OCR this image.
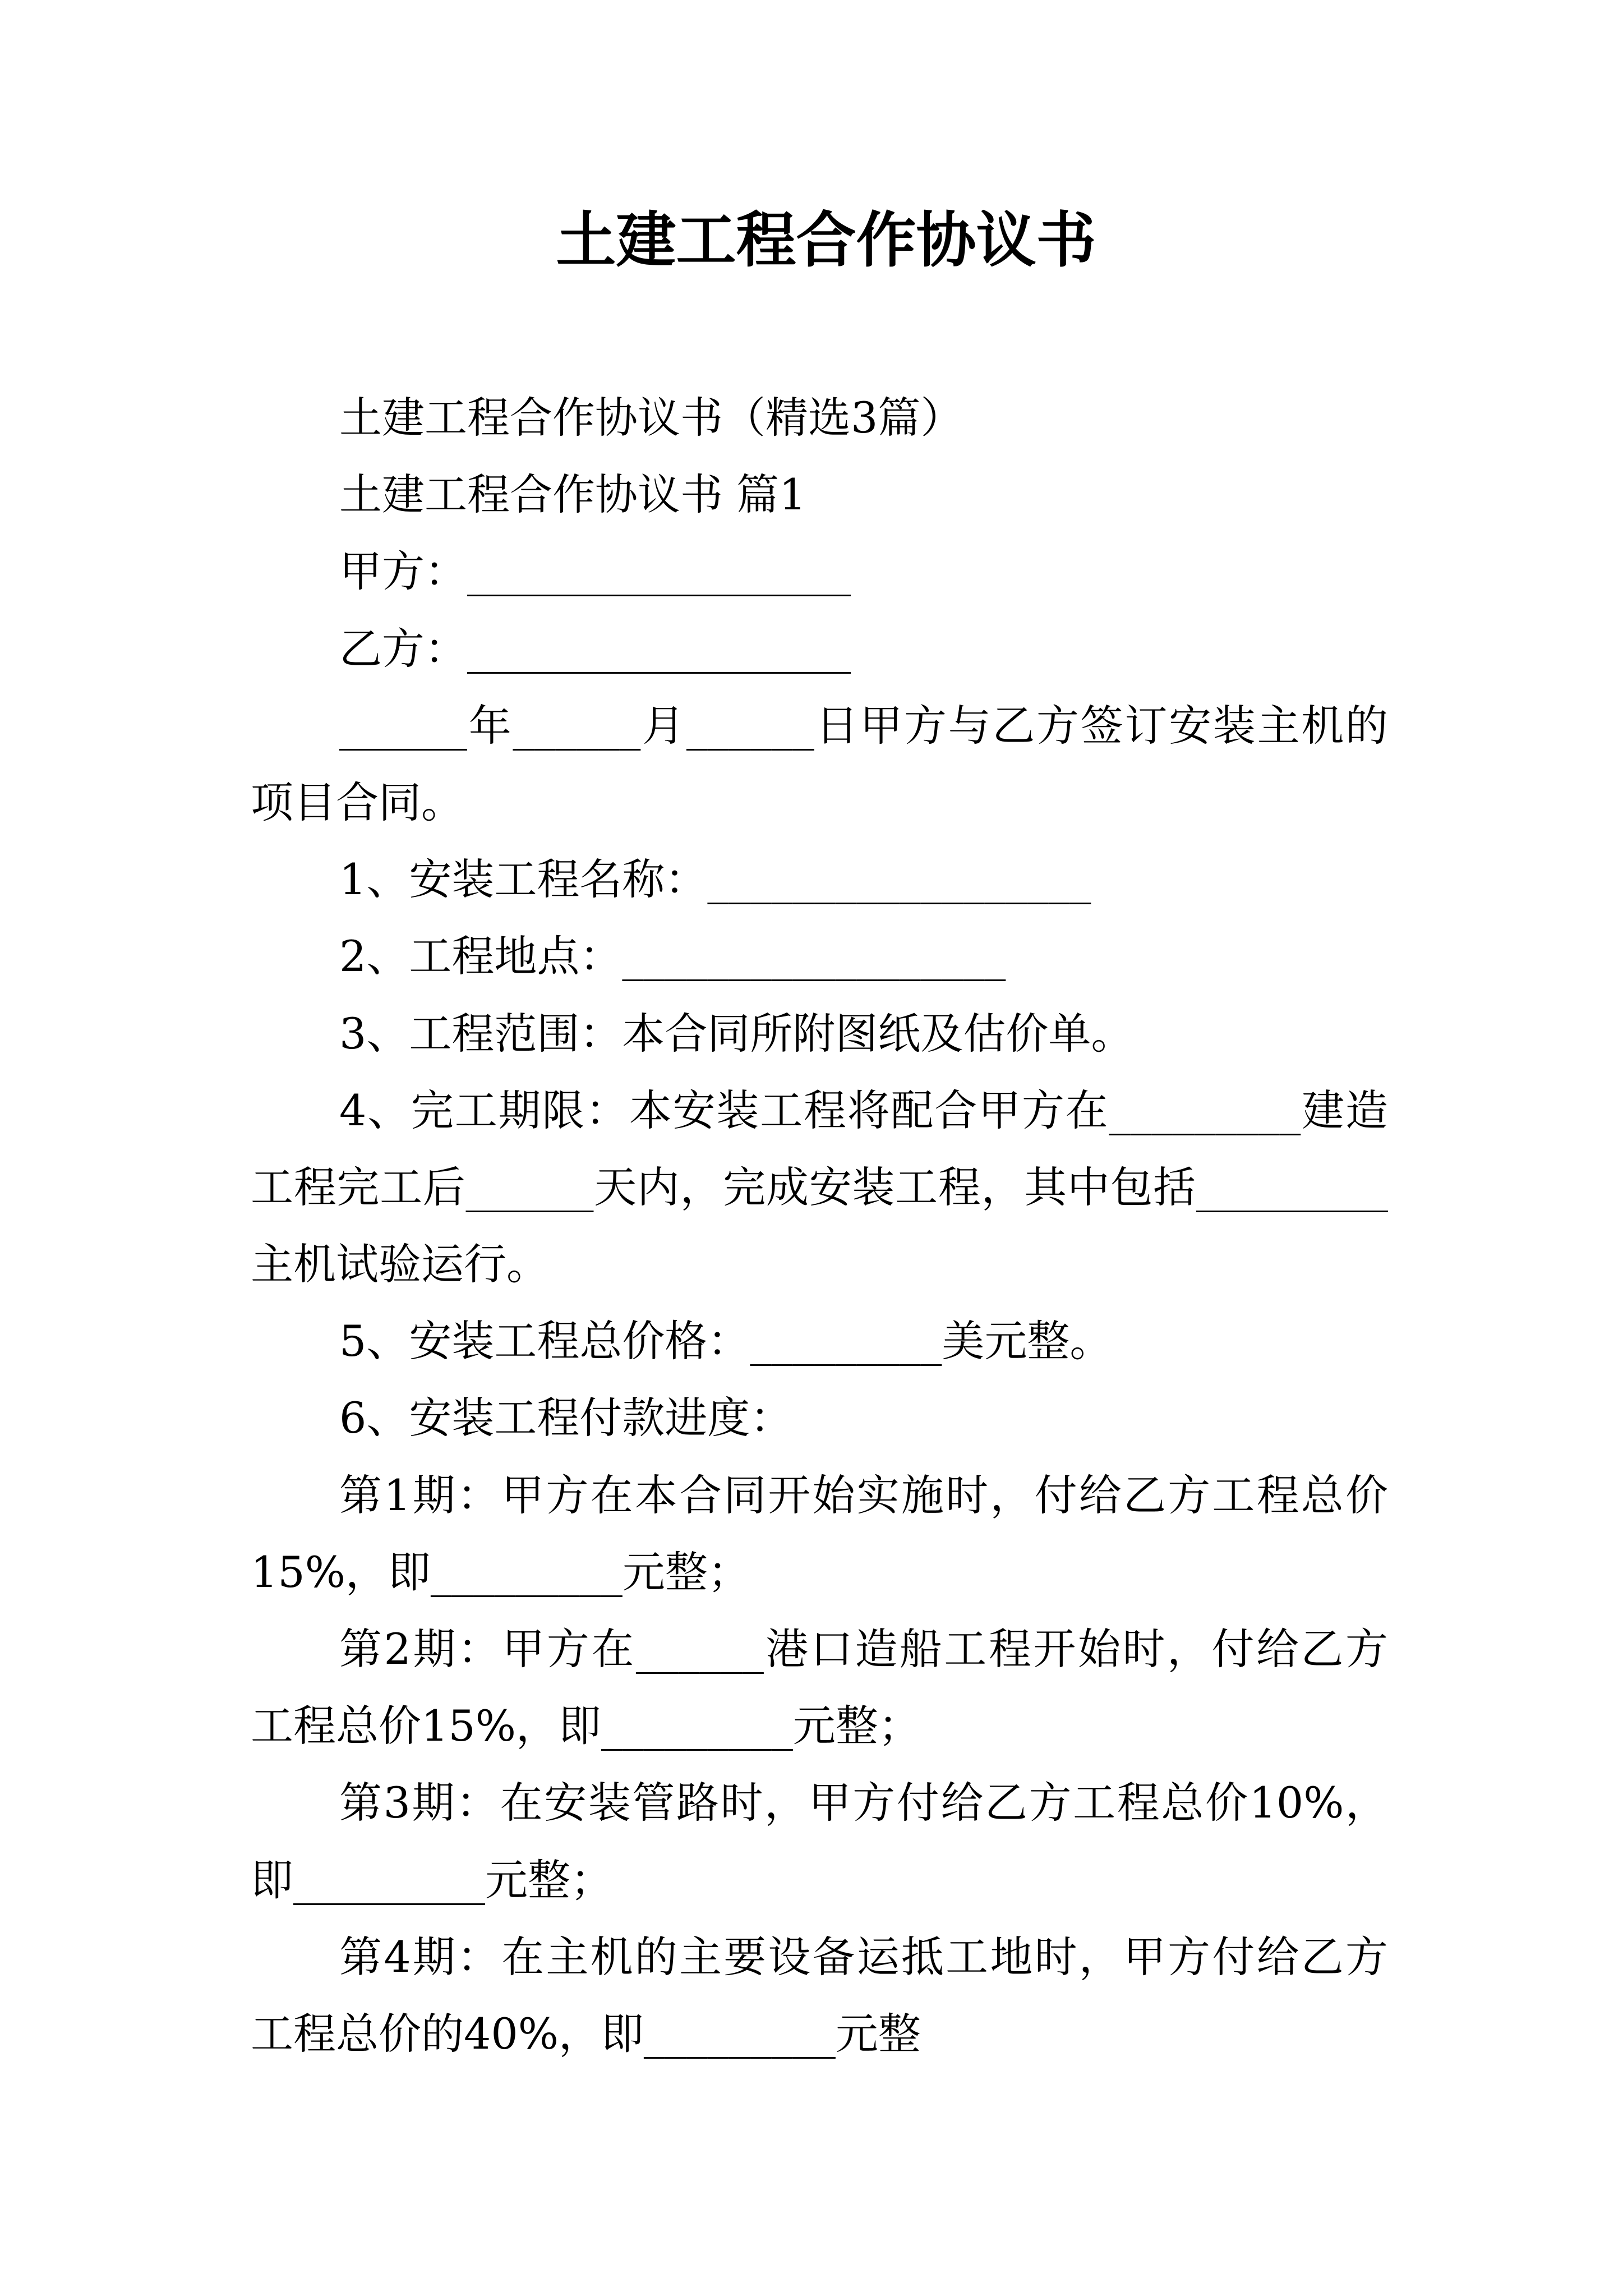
土建工程合作协议书
土建工程合作协议书（精选3篇）
土建工程合作协议书 篇1
甲方：__________________
乙方：__________________
______年______月______日甲方与乙方签订安装主机的
项目合同。
1、安装工程名称：__________________
2、工程地点：__________________
3、工程范围：本合同所附图纸及估价单。
4、完工期限：本安装工程将配合甲方在_________建造
工程完工后______天内，完成安装工程，其中包括_________
主机试验运行。
5、安装工程总价格：_________美元整。
6、安装工程付款进度：
第1期：甲方在本合同开始实施时，付给乙方工程总价
15%，即_________元整；
第2期：甲方在______港口造船工程开始时，付给乙方
工程总价15%，即_________元整；
第3期：在安装管路时，甲方付给乙方工程总价10%，
即_________元整；
第4期：在主机的主要设备运抵工地时，甲方付给乙方
工程总价的40%，即_________元整
